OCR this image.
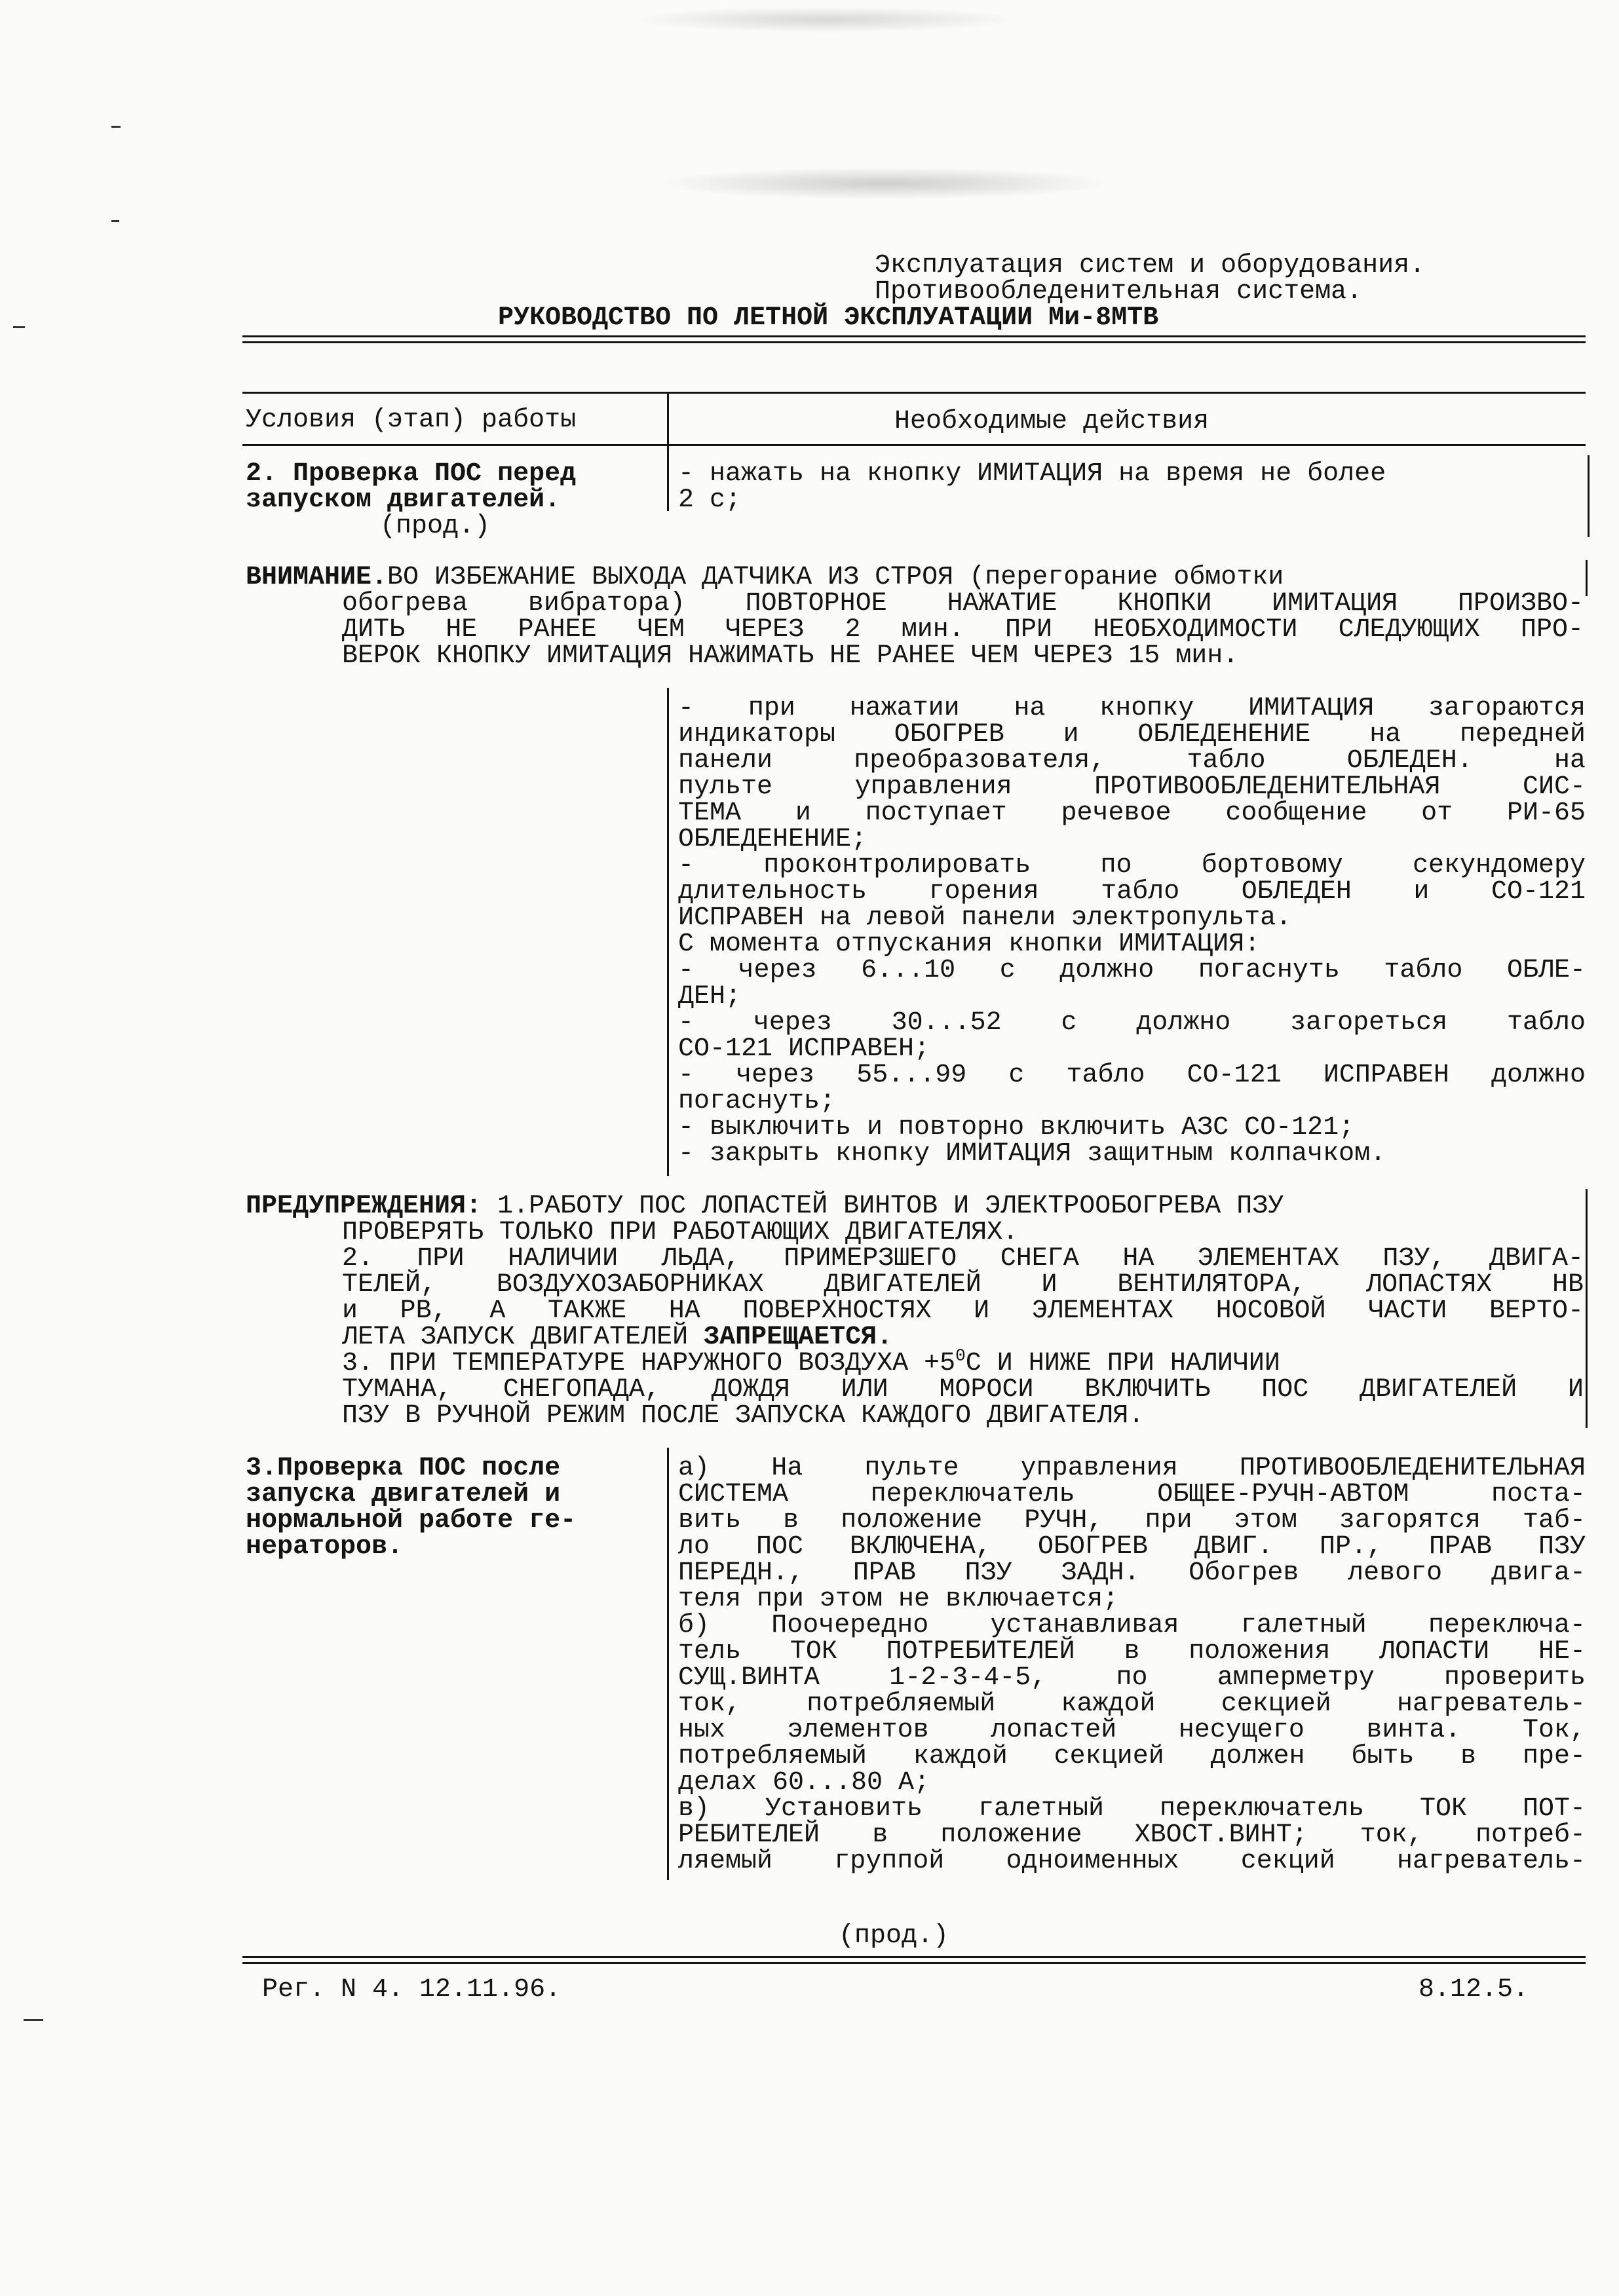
Эксплуатация систем и оборудования.
Противообледенительная система.
РУКОВОДСТВО ПО ЛЕТНОЙ ЭКСПЛУАТАЦИИ Ми-8МТВ
Условия (этап) работы	Необходимые действия
2. Проверка ПОС перед
запуском двигателей.
(прод.)
- нажать на кнопку ИМИТАЦИЯ на время не более
2 с;
ВНИМАНИЕ.ВО ИЗБЕЖАНИЕ ВЫХОДА ДАТЧИКА ИЗ СТРОЯ (перегорание обмотки
обогрева вибратора) ПОВТОРНОЕ НАЖАТИЕ КНОПКИ ИМИТАЦИЯ ПРОИЗВО-
ДИТЬ НЕ РАНЕЕ ЧЕМ ЧЕРЕЗ 2 мин. ПРИ НЕОБХОДИМОСТИ СЛЕДУЮЩИХ ПРО-
ВЕРОК КНОПКУ ИМИТАЦИЯ НАЖИМАТЬ НЕ РАНЕЕ ЧЕМ ЧЕРЕЗ 15 мин.
- при нажатии на кнопку ИМИТАЦИЯ загораются
индикаторы ОБОГРЕВ и ОБЛЕДЕНЕНИЕ на передней
панели преобразователя, табло ОБЛЕДЕН. на
пульте управления ПРОТИВООБЛЕДЕНИТЕЛЬНАЯ СИС-
ТЕМА и поступает речевое сообщение от РИ-65
ОБЛЕДЕНЕНИЕ;
- проконтролировать по бортовому секундомеру
длительность горения табло ОБЛЕДЕН и СО-121
ИСПРАВЕН на левой панели электропульта.
С момента отпускания кнопки ИМИТАЦИЯ:
- через 6...10 с должно погаснуть табло ОБЛЕ-
ДЕН;
- через 30...52 с должно загореться табло
СО-121 ИСПРАВЕН;
- через 55...99 с табло СО-121 ИСПРАВЕН должно
погаснуть;
- выключить и повторно включить АЗС СО-121;
- закрыть кнопку ИМИТАЦИЯ защитным колпачком.
ПРЕДУПРЕЖДЕНИЯ: 1.РАБОТУ ПОС ЛОПАСТЕЙ ВИНТОВ И ЭЛЕКТРООБОГРЕВА ПЗУ
ПРОВЕРЯТЬ ТОЛЬКО ПРИ РАБОТАЮЩИХ ДВИГАТЕЛЯХ.
2. ПРИ НАЛИЧИИ ЛЬДА, ПРИМЕРЗШЕГО СНЕГА НА ЭЛЕМЕНТАХ ПЗУ, ДВИГА-
ТЕЛЕЙ, ВОЗДУХОЗАБОРНИКАХ ДВИГАТЕЛЕЙ И ВЕНТИЛЯТОРА, ЛОПАСТЯХ НВ
и РВ, А ТАКЖЕ НА ПОВЕРХНОСТЯХ И ЭЛЕМЕНТАХ НОСОВОЙ ЧАСТИ ВЕРТО-
ЛЕТА ЗАПУСК ДВИГАТЕЛЕЙ ЗАПРЕЩАЕТСЯ.
3. ПРИ ТЕМПЕРАТУРЕ НАРУЖНОГО ВОЗДУХА $+5^0С$ И НИЖЕ ПРИ НАЛИЧИИ
ТУМАНА, СНЕГОПАДА, ДОЖДЯ ИЛИ МОРОСИ ВКЛЮЧИТЬ ПОС ДВИГАТЕЛЕЙ И
ПЗУ В РУЧНОЙ РЕЖИМ ПОСЛЕ ЗАПУСКА КАЖДОГО ДВИГАТЕЛЯ.
3.Проверка ПОС после
запуска двигателей и
нормальной работе ге-
нераторов.
а) На пульте управления ПРОТИВООБЛЕДЕНИТЕЛЬНАЯ
СИСТЕМА переключатель ОБЩЕЕ-РУЧН-АВТОМ поста-
вить в положение РУЧН, при этом загорятся таб-
ло ПОС ВКЛЮЧЕНА, ОБОГРЕВ ДВИГ. ПР., ПРАВ ПЗУ
ПЕРЕДН., ПРАВ ПЗУ ЗАДН. Обогрев левого двига-
теля при этом не включается;
б) Поочередно устанавливая галетный переключа-
тель ТОК ПОТРЕБИТЕЛЕЙ в положения ЛОПАСТИ НЕ-
СУЩ.ВИНТА 1-2-3-4-5, по амперметру проверить
ток, потребляемый каждой секцией нагреватель-
ных элементов лопастей несущего винта. Ток,
потребляемый каждой секцией должен быть в пре-
делах 60...80 А;
в) Установить галетный переключатель ТОК ПОТ-
РЕБИТЕЛЕЙ в положение ХВОСТ.ВИНТ; ток, потреб-
ляемый группой одноименных секций нагреватель-
(прод.)
Рег. N 4. 12.11.96.	8.12.5.
